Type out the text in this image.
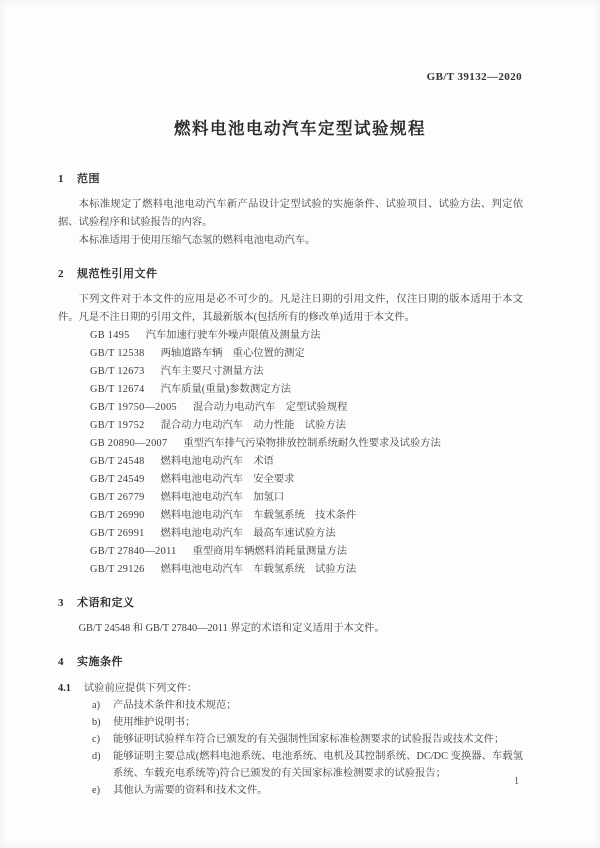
GB/T 39132—2020
燃料电池电动汽车定型试验规程
1 范围

本标准规定了燃料电池电动汽车新产品设计定型试验的实施条件、试验项目、试验方法、判定依据、试验程序和试验报告的内容。

本标准适用于使用压缩气态氢的燃料电池电动汽车。

2 规范性引用文件

下列文件对于本文件的应用是必不可少的。凡是注日期的引用文件，仅注日期的版本适用于本文件。凡是不注日期的引用文件，其最新版本(包括所有的修改单)适用于本文件。

GB 1495 汽车加速行驶车外噪声限值及测量方法
GB/T 12538 两轴道路车辆　重心位置的测定
GB/T 12673 汽车主要尺寸测量方法
GB/T 12674 汽车质量(重量)参数测定方法
GB/T 19750—2005 混合动力电动汽车　定型试验规程
GB/T 19752 混合动力电动汽车　动力性能　试验方法
GB 20890—2007 重型汽车排气污染物排放控制系统耐久性要求及试验方法
GB/T 24548 燃料电池电动汽车　术语
GB/T 24549 燃料电池电动汽车　安全要求
GB/T 26779 燃料电池电动汽车　加氢口
GB/T 26990 燃料电池电动汽车　车载氢系统　技术条件
GB/T 26991 燃料电池电动汽车　最高车速试验方法
GB/T 27840—2011 重型商用车辆燃料消耗量测量方法
GB/T 29126 燃料电池电动汽车　车载氢系统　试验方法
3 术语和定义

GB/T 24548 和 GB/T 27840—2011 界定的术语和定义适用于本文件。

4 实施条件
4.1 试验前应提供下列文件：
a)	产品技术条件和技术规范；
b)	使用维护说明书；
c)	能够证明试验样车符合已颁发的有关强制性国家标准检测要求的试验报告或技术文件；
d)	能够证明主要总成(燃料电池系统、电池系统、电机及其控制系统、DC/DC 变换器、车载氢系统、车载充电系统等)符合已颁发的有关国家标准检测要求的试验报告；
e)	其他认为需要的资料和技术文件。
1
